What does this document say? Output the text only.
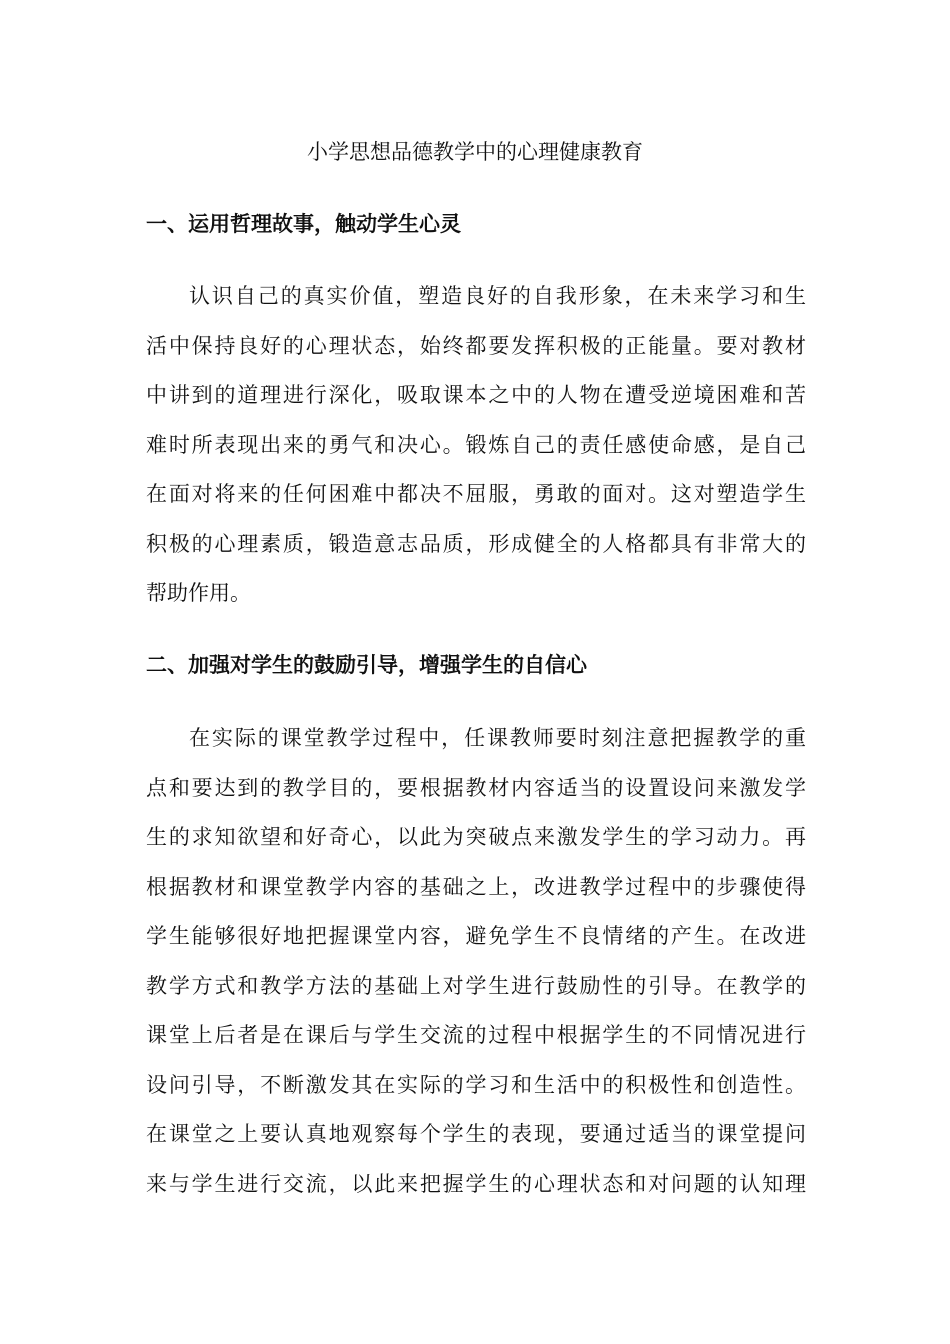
小学思想品德教学中的心理健康教育
一、运用哲理故事，触动学生心灵
认识自己的真实价值，塑造良好的自我形象，在未来学习和生
活中保持良好的心理状态，始终都要发挥积极的正能量。要对教材
中讲到的道理进行深化，吸取课本之中的人物在遭受逆境困难和苦
难时所表现出来的勇气和决心。锻炼自己的责任感使命感，是自己
在面对将来的任何困难中都决不屈服，勇敢的面对。这对塑造学生
积极的心理素质，锻造意志品质，形成健全的人格都具有非常大的
帮助作用。
二、加强对学生的鼓励引导，增强学生的自信心
在实际的课堂教学过程中，任课教师要时刻注意把握教学的重
点和要达到的教学目的，要根据教材内容适当的设置设问来激发学
生的求知欲望和好奇心，以此为突破点来激发学生的学习动力。再
根据教材和课堂教学内容的基础之上，改进教学过程中的步骤使得
学生能够很好地把握课堂内容，避免学生不良情绪的产生。在改进
教学方式和教学方法的基础上对学生进行鼓励性的引导。在教学的
课堂上后者是在课后与学生交流的过程中根据学生的不同情况进行
设问引导，不断激发其在实际的学习和生活中的积极性和创造性。
在课堂之上要认真地观察每个学生的表现，要通过适当的课堂提问
来与学生进行交流，以此来把握学生的心理状态和对问题的认知理
